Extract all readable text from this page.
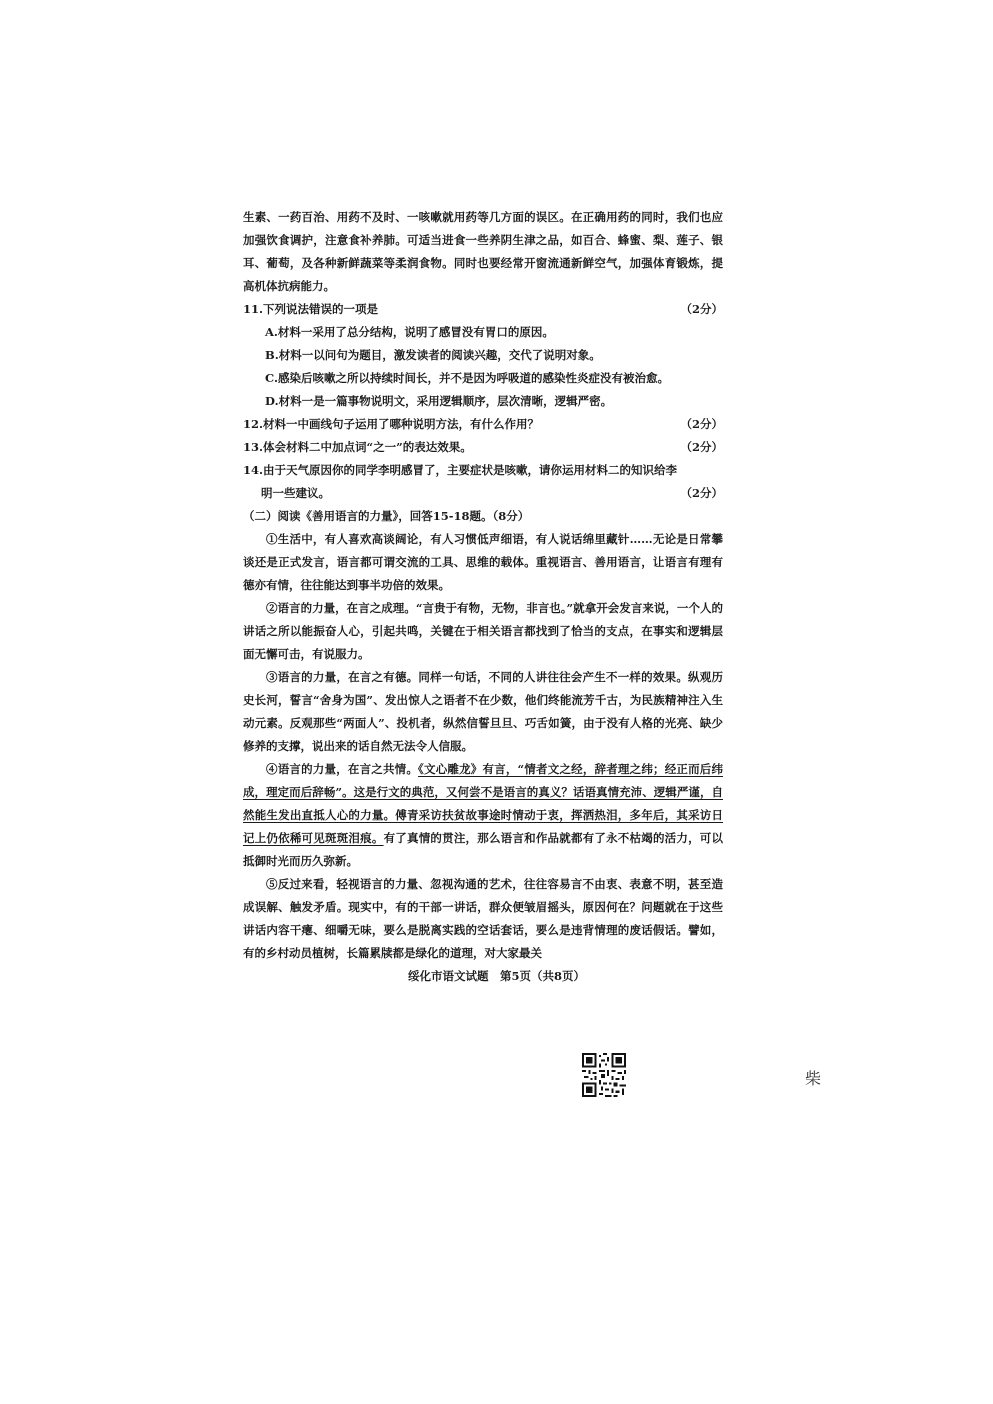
生素、一药百治、用药不及时、一咳嗽就用药等几方面的误区。在正确用药的同时，我们也应加强饮食调护，注意食补养肺。可适当进食一些养阴生津之品，如百合、蜂蜜、梨、莲子、银耳、葡萄，及各种新鲜蔬菜等柔润食物。同时也要经常开窗流通新鲜空气，加强体育锻炼，提高机体抗病能力。

11.下列说法错误的一项是	（2分）

A.材料一采用了总分结构，说明了感冒没有胃口的原因。

B.材料一以问句为题目，激发读者的阅读兴趣，交代了说明对象。

C.感染后咳嗽之所以持续时间长，并不是因为呼吸道的感染性炎症没有被治愈。

D.材料一是一篇事物说明文，采用逻辑顺序，层次清晰，逻辑严密。

12.材料一中画线句子运用了哪种说明方法，有什么作用？	（2分）
13.体会材料二中加点词“之一”的表达效果。	（2分）
14.由于天气原因你的同学李明感冒了，主要症状是咳嗽，请你运用材料二的知识给李
明一些建议。	（2分）

（二）阅读《善用语言的力量》，回答15-18题。（8分）

①生活中，有人喜欢高谈阔论，有人习惯低声细语，有人说话绵里藏针……无论是日常攀谈还是正式发言，语言都可谓交流的工具、思维的载体。重视语言、善用语言，让语言有理有德亦有情，往往能达到事半功倍的效果。

②语言的力量，在言之成理。“言贵于有物，无物，非言也。”就拿开会发言来说，一个人的讲话之所以能振奋人心，引起共鸣，关键在于相关语言都找到了恰当的支点，在事实和逻辑层面无懈可击，有说服力。

③语言的力量，在言之有德。同样一句话，不同的人讲往往会产生不一样的效果。纵观历史长河，誓言“舍身为国”、发出惊人之语者不在少数，他们终能流芳千古，为民族精神注入生动元素。反观那些“两面人”、投机者，纵然信誓旦旦、巧舌如簧，由于没有人格的光亮、缺少修养的支撑，说出来的话自然无法令人信服。

④语言的力量，在言之共情。《文心雕龙》有言，“情者文之经，辞者理之纬；经正而后纬成，理定而后辞畅”。这是行文的典范，又何尝不是语言的真义？话语真情充沛、逻辑严谨，自然能生发出直抵人心的力量。傅青采访扶贫故事途时情动于衷，挥洒热泪，多年后，其采访日记上仍依稀可见斑斑泪痕。有了真情的贯注，那么语言和作品就都有了永不枯竭的活力，可以抵御时光而历久弥新。

⑤反过来看，轻视语言的力量、忽视沟通的艺术，往往容易言不由衷、表意不明，甚至造成误解、触发矛盾。现实中，有的干部一讲话，群众便皱眉摇头，原因何在？问题就在于这些讲话内容干瘪、细嚼无味，要么是脱离实践的空话套话，要么是违背情理的废话假话。譬如，有的乡村动员植树，长篇累牍都是绿化的道理，对大家最关

绥化市语文试题　第5页（共8页）
柴
